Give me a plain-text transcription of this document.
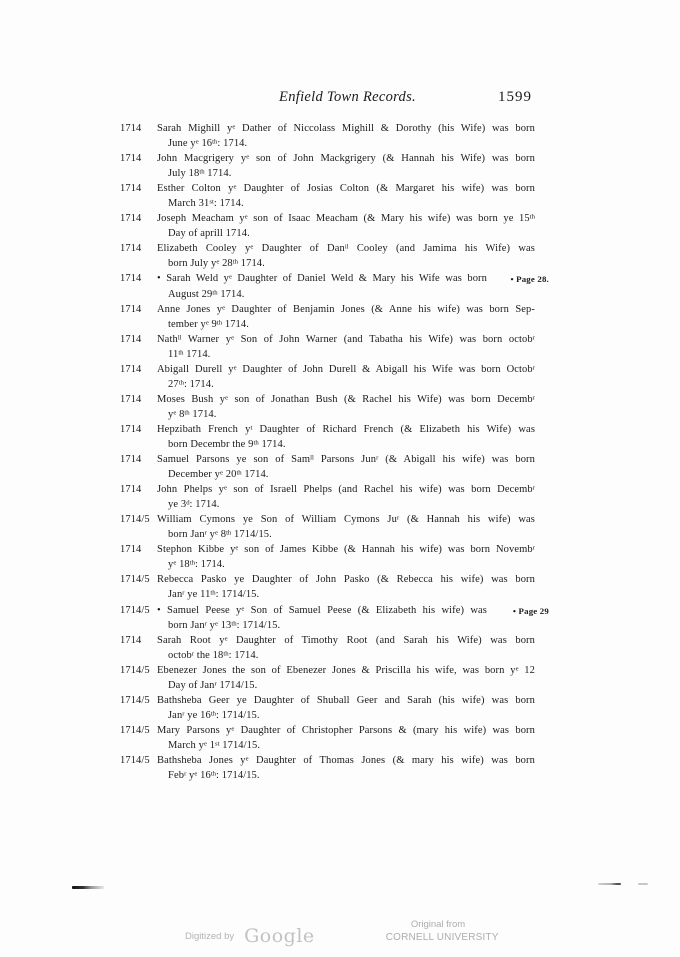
Enfield Town Records.	1599
1714 Sarah Mighill $y^e$ Dather of Niccolass Mighill & Dorothy (his Wife) was born
June $y^e$ 16th: 1714.
1714 John Macgrigery $y^e$ son of John Mackgrigery (& Hannah his Wife) was born
July 18th 1714.
1714 Esther Colton $y^e$ Daughter of Josias Colton (& Margaret his wife) was born
March 31st: 1714.
1714 Joseph Meacham $y^e$ son of Isaac Meacham (& Mary his wife) was born ye 15th
Day of aprill 1714.
1714 Elizabeth Cooley $y^e$ Daughter of Dan$^{il}$ Cooley (and Jamima his Wife) was
born July $y^e$ 28th 1714.
1714 • Sarah Weld $y^e$ Daughter of Daniel Weld & Mary his Wife was born
August 29th 1714.
• Page 28.
1714 Anne Jones $y^e$ Daughter of Benjamin Jones (& Anne his wife) was born Sep-
tember $y^e$ 9th 1714.
1714 Nath$^{ll}$ Warner $y^e$ Son of John Warner (and Tabatha his Wife) was born octob$^r$
11th 1714.
1714 Abigall Durell $y^e$ Daughter of John Durell & Abigall his Wife was born Octob$^r$
27th: 1714.
1714 Moses Bush $y^e$ son of Jonathan Bush (& Rachel his Wife) was born Decemb$^r$
$y^e$ 8th 1714.
1714 Hepzibath French $y^t$ Daughter of Richard French (& Elizabeth his Wife) was
born Decembr the 9th 1714.
1714 Samuel Parsons ye son of Sam$^{ll}$ Parsons Jun$^r$ (& Abigall his wife) was born
December $y^e$ 20th 1714.
1714 John Phelps $y^e$ son of Israell Phelps (and Rachel his wife) was born Decemb$^r$
ye 3$^d$: 1714.
1714/5 William Cymons ye Son of William Cymons Ju$^r$ (& Hannah his wife) was
born Jan$^r$ $y^e$ 8th 1714/15.
1714 Stephon Kibbe $y^e$ son of James Kibbe (& Hannah his wife) was born Novemb$^r$
$y^e$ 18th: 1714.
1714/5 Rebecca Pasko ye Daughter of John Pasko (& Rebecca his wife) was born
Jan$^r$ ye 11th: 1714/15.
1714/5 • Samuel Peese $y^e$ Son of Samuel Peese (& Elizabeth his wife) was
born Jan$^r$ $y^e$ 13th: 1714/15.
• Page 29
1714 Sarah Root $y^e$ Daughter of Timothy Root (and Sarah his Wife) was born
octob$^r$ the 18th: 1714.
1714/5 Ebenezer Jones the son of Ebenezer Jones & Priscilla his wife, was born $y^e$ 12
Day of Jan$^r$ 1714/15.
1714/5 Bathsheba Geer ye Daughter of Shuball Geer and Sarah (his wife) was born
Jan$^r$ ye 16th: 1714/15.
1714/5 Mary Parsons $y^e$ Daughter of Christopher Parsons & (mary his wife) was born
March $y^e$ 1st 1714/15.
1714/5 Bathsheba Jones $y^e$ Daughter of Thomas Jones (& mary his wife) was born
Feb$^r$ $y^e$ 16th: 1714/15.
Digitized by Google
Original from
CORNELL UNIVERSITY
